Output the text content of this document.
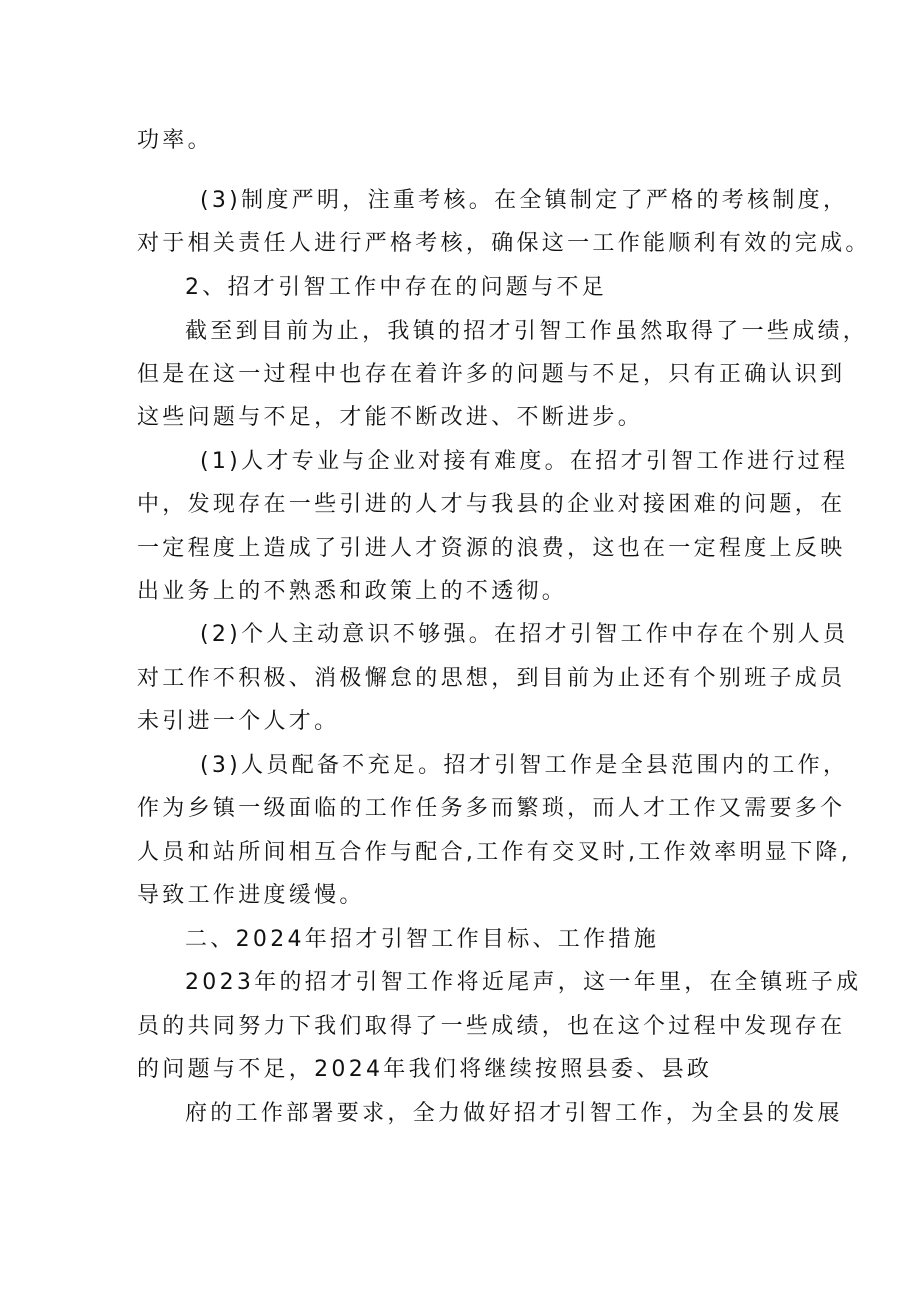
功率。
(3)制度严明，注重考核。在全镇制定了严格的考核制度，
对于相关责任人进行严格考核，确保这一工作能顺利有效的完成。
2、招才引智工作中存在的问题与不足
截至到目前为止，我镇的招才引智工作虽然取得了一些成绩，
但是在这一过程中也存在着许多的问题与不足，只有正确认识到
这些问题与不足，才能不断改进、不断进步。
(1)人才专业与企业对接有难度。在招才引智工作进行过程
中，发现存在一些引进的人才与我县的企业对接困难的问题，在
一定程度上造成了引进人才资源的浪费，这也在一定程度上反映
出业务上的不熟悉和政策上的不透彻。
(2)个人主动意识不够强。在招才引智工作中存在个别人员
对工作不积极、消极懈怠的思想，到目前为止还有个别班子成员
未引进一个人才。
(3)人员配备不充足。招才引智工作是全县范围内的工作，
作为乡镇一级面临的工作任务多而繁琐，而人才工作又需要多个
人员和站所间相互合作与配合,工作有交叉时,工作效率明显下降,
导致工作进度缓慢。
二、2024年招才引智工作目标、工作措施
2023年的招才引智工作将近尾声，这一年里，在全镇班子成
员的共同努力下我们取得了一些成绩，也在这个过程中发现存在
的问题与不足，2024年我们将继续按照县委、县政
府的工作部署要求，全力做好招才引智工作，为全县的发展
